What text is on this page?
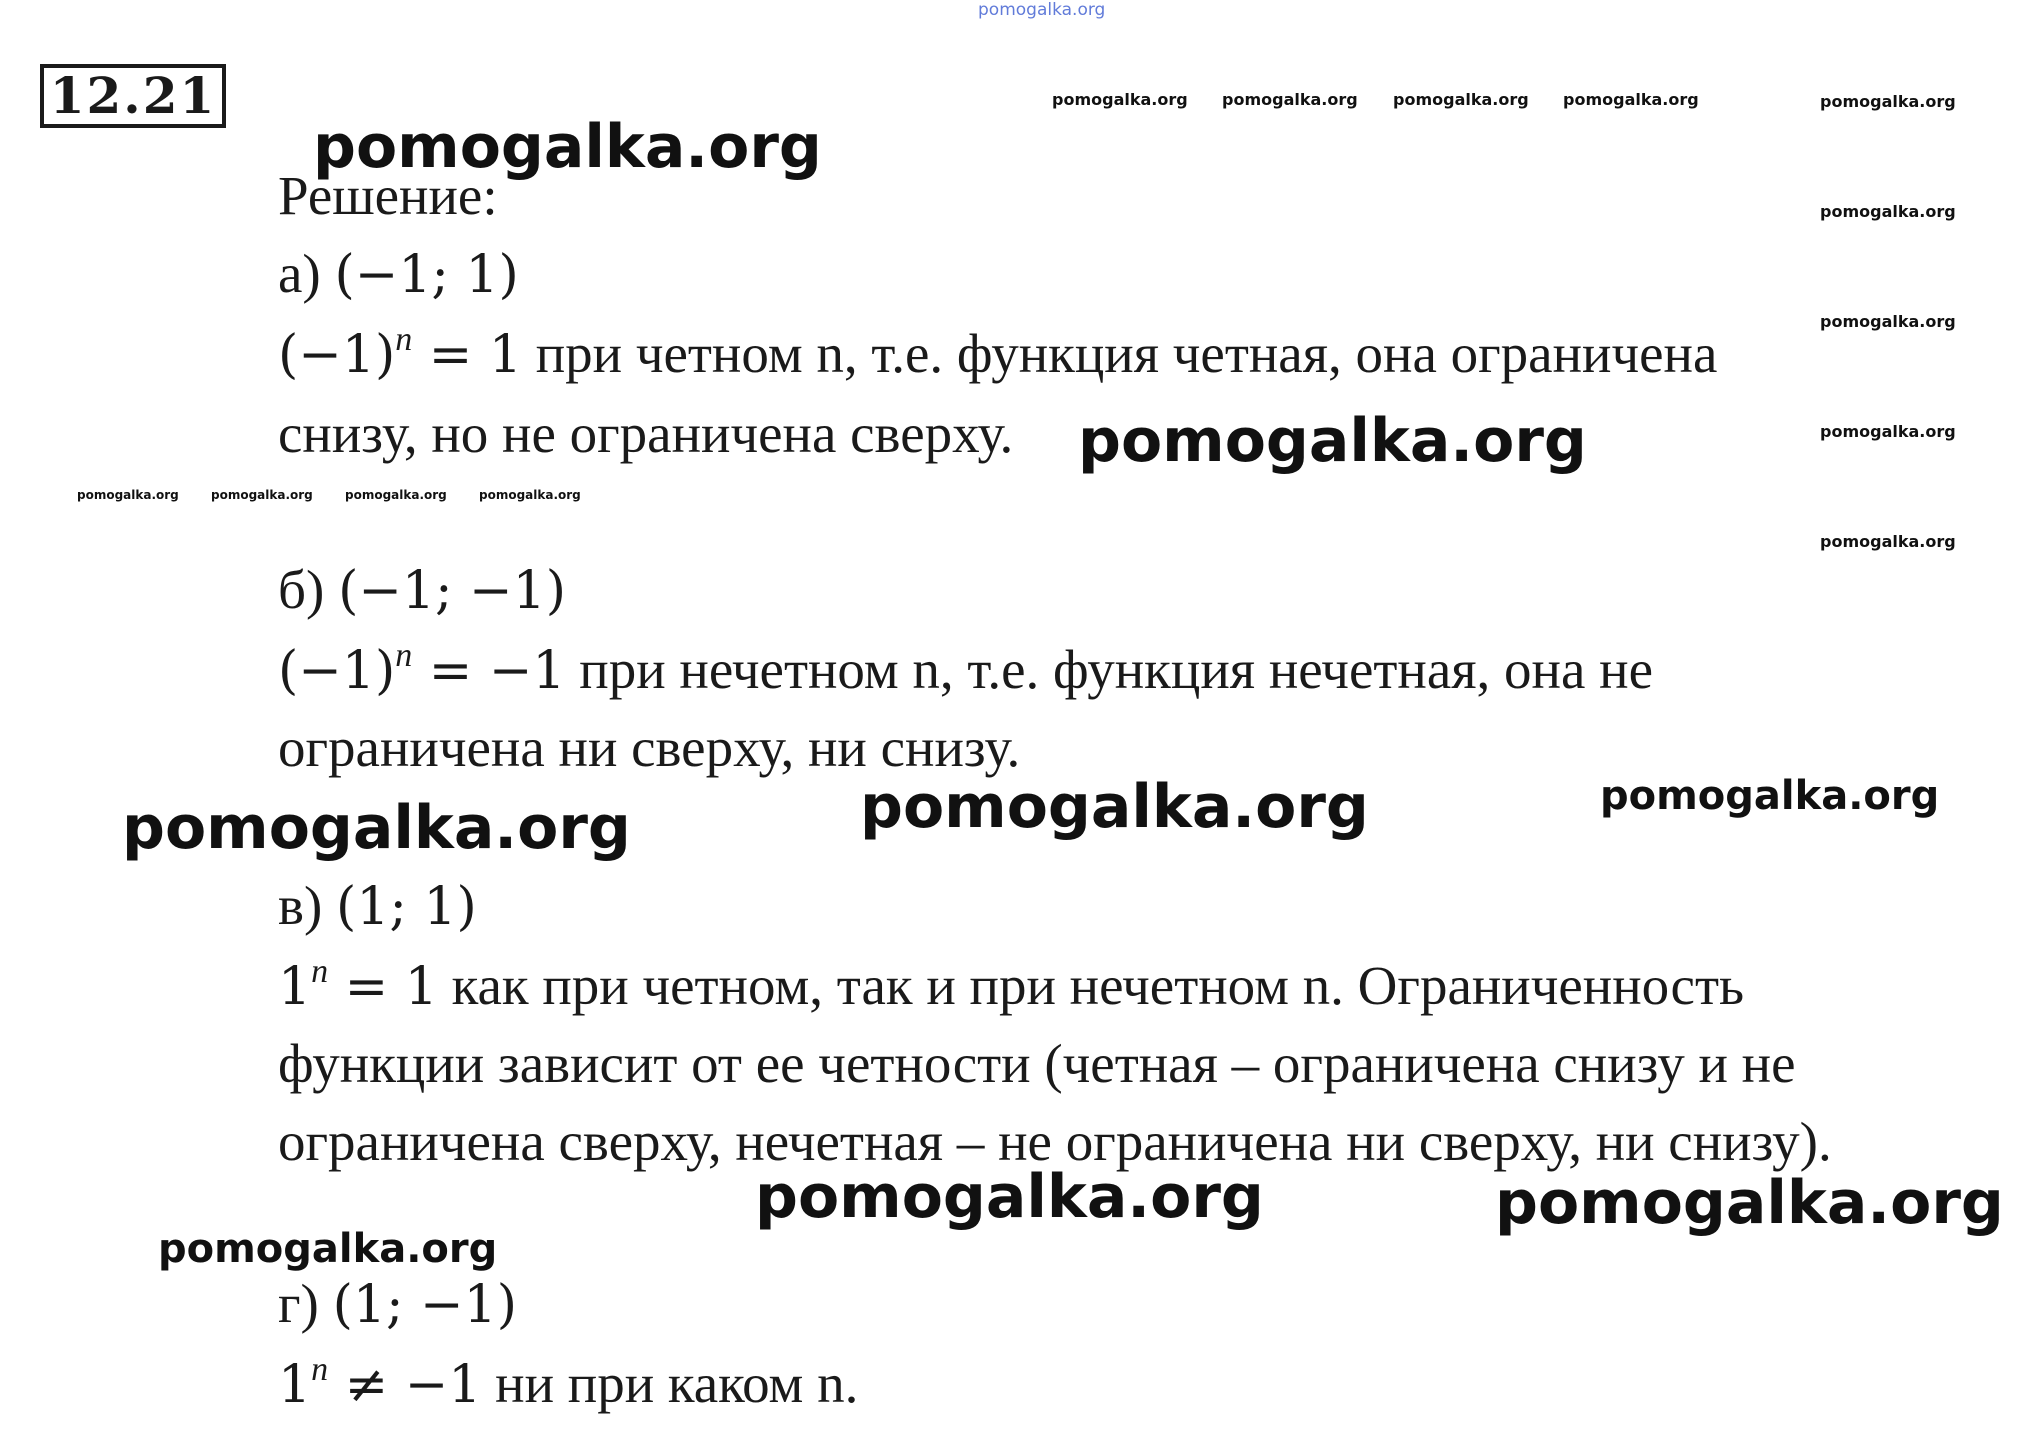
pomogalka.org
12.21	pomogalka.org pomogalka.org pomogalka.org pomogalka.org	pomogalka.org
pomogalka.org
pomogalka.org
pomogalka.org
pomogalka.org
Решение:
pomogalka.org
а) (−1; 1)
$(-1)^n = 1$ при четном n, т.е. функция четная, она ограничена
снизу, но не ограничена сверху. pomogalka.org
pomogalka.org	pomogalka.org	pomogalka.org	pomogalka.org
б) (−1; −1)
$(-1)^n = -1$ при нечетном n, т.е. функция нечетная, она не
ограничена ни сверху, ни снизу.
pomogalka.org	pomogalka.org	pomogalka.org
в) (1; 1)
$1^n = 1$ как при четном, так и при нечетном n. Ограниченность
функции зависит от ее четности (четная – ограничена снизу и не
ограничена сверху, нечетная – не ограничена ни сверху, ни снизу).
pomogalka.org	pomogalka.org
pomogalka.org
г) (1; −1)
$1^n \ne -1$ ни при каком n.
